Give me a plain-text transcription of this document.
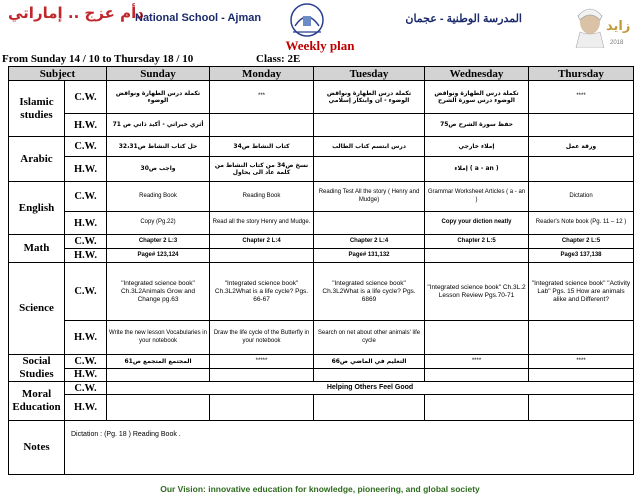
دأم عزج .. إماراتي
National School - Ajman	المدرسة الوطنية - عجمان	زايد
2018
Weekly plan
From Sunday 14 / 10 to Thursday 18 / 10	Class: 2E
Subject		Sunday	Monday	Tuesday	Wednesday	Thursday
Islamic studies	C.W.	تكملة درس الطهارة ونواقض الوضوء	***	تكملة درس الطهارة ونواقض الوضوء - ان وابتكار إسلامي	تكملة درس الطهارة ونواقض الوضوء درس سورة الشرح	****
	H.W.	أثري خبراتي - أكيد ذاتي ص 71			حفظ سورة الشرح ص75	
Arabic	C.W.	حل كتاب النشاط ص32،31	كتاب النشاط ص34	درس ابتسم كتاب الطالب	إملاء خارجي	ورقة عمل
	H.W.	واجب ص30	نسخ ص34 من كتاب النشاط من كلمة عاد الى يحاول		إملاء ( a - an )	
English	C.W.	Reading Book	Reading Book	Reading Test All the story ( Henry and Mudge)	Grammar Worksheet Articles ( a - an )	Dictation
	H.W.	Copy (Pg.22)	Read all the story Henry and Mudge.		Copy your diction neatly	Reader's Note book (Pg. 11 – 12 )
Math	C.W.	Chapter 2 L:3	Chapter 2 L:4	Chapter 2 L:4	Chapter 2 L:5	Chapter 2 L:5
	H.W.	Page# 123,124		Page# 131,132		Page3 137,138
Science	C.W.	"Integrated science book" Ch.3L2Animals Grow and Change pg.63	"Integrated science book" Ch.3L2What is a life cycle? Pgs. 66-67	"Integrated science book" Ch.3L2What is a life cycle? Pgs. 6869	"Integrated science book" Ch.3L.2 Lesson Review Pgs.70-71	"Integrated science book" "Activity Lab" Pgs. 15 How are animals alike and Different?
	H.W.	Write the new lesson Vocabularies in your notebook	Draw the life cycle of the Butterfly in your notebook	Search on net about other animals' life cycle		
Social Studies	C.W.	المجتمع المتجمع ص61	*****	التعليم في الماضي ص66	****	****
	H.W.					
Moral Education	C.W.	Helping Others Feel Good				
	H.W.					
Notes	Dictation : (Pg. 18 ) Reading Book .					
Our Vision: innovative education for knowledge, pioneering, and global society
